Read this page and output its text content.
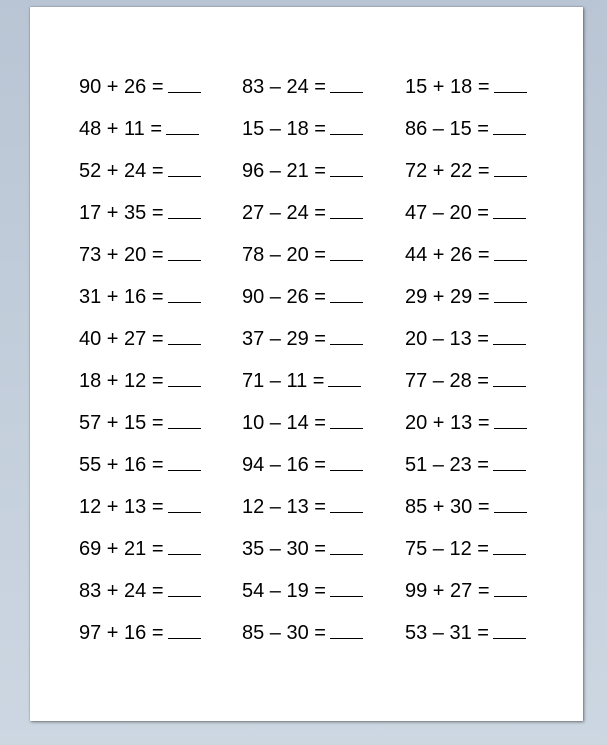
90 + 26 =	83 – 24 =	15 + 18 =
48 + 11 =	15 – 18 =	86 – 15 =
52 + 24 =	96 – 21 =	72 + 22 =
17 + 35 =	27 – 24 =	47 – 20 =
73 + 20 =	78 – 20 =	44 + 26 =
31 + 16 =	90 – 26 =	29 + 29 =
40 + 27 =	37 – 29 =	20 – 13 =
18 + 12 =	71 – 11 =	77 – 28 =
57 + 15 =	10 – 14 =	20 + 13 =
55 + 16 =	94 – 16 =	51 – 23 =
12 + 13 =	12 – 13 =	85 + 30 =
69 + 21 =	35 – 30 =	75 – 12 =
83 + 24 =	54 – 19 =	99 + 27 =
97 + 16 =	85 – 30 =	53 – 31 =
